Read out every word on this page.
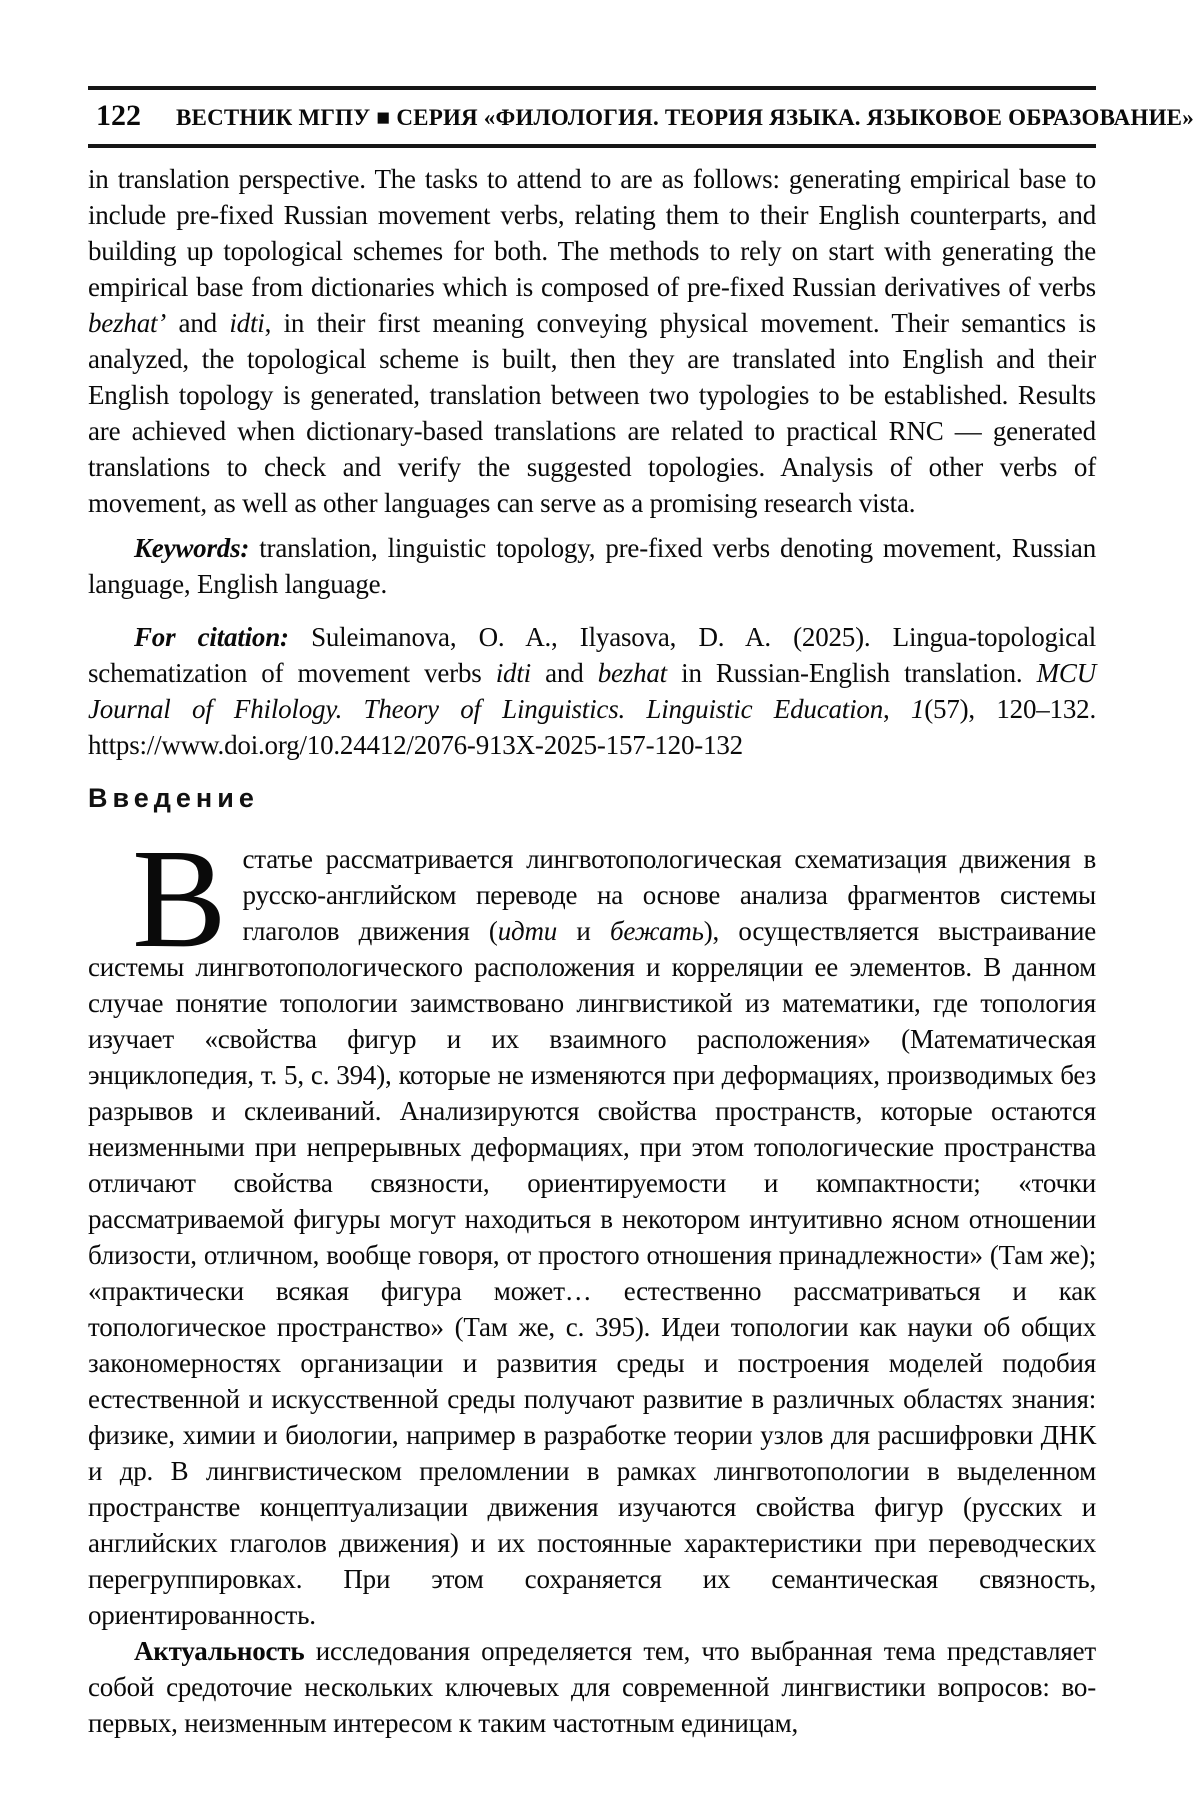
122	ВЕСТНИК МГПУ ■ СЕРИЯ «ФИЛОЛОГИЯ. ТЕОРИЯ ЯЗЫКА. ЯЗЫКОВОЕ ОБРАЗОВАНИЕ»

in translation perspective. The tasks to attend to are as follows: generating empirical base to include pre-fixed Russian movement verbs, relating them to their English counterparts, and building up topological schemes for both. The methods to rely on start with generating the empirical base from dictionaries which is composed of pre-fixed Russian derivatives of verbs bezhat’ and idti, in their first meaning conveying physical movement. Their semantics is analyzed, the topological scheme is built, then they are translated into English and their English topology is generated, translation between two typologies to be established. Results are achieved when dictionary-based translations are related to practical RNC — generated translations to check and verify the suggested topologies. Analysis of other verbs of movement, as well as other languages can serve as a promising research vista.

Keywords: translation, linguistic topology, pre-fixed verbs denoting movement, Russian language, English language.

For citation: Suleimanova, O. A., Ilyasova, D. A. (2025). Lingua-topological schematization of movement verbs idti and bezhat in Russian-English translation. MCU Journal of Fhilology. Theory of Linguistics. Linguistic Education, 1(57), 120–132. https://www.doi.org/10.24412/2076-913X-2025-157-120-132

Введение
Встатье рассматривается лингвотопологическая схематизация движения в русско-английском переводе на основе анализа фрагментов системы глаголов движения (идти и бежать), осуществляется выстраивание системы лингвотопологического расположения и корреляции ее элементов. В данном случае понятие топологии заимствовано лингвистикой из математики, где топология изучает «свойства фигур и их взаимного расположения» (Математическая энциклопедия, т. 5, с. 394), которые не изменяются при деформациях, производимых без разрывов и склеиваний. Анализируются свойства пространств, которые остаются неизменными при непрерывных деформациях, при этом топологические пространства отличают свойства связности, ориентируемости и компактности; «точки рассматриваемой фигуры могут находиться в некотором интуитивно ясном отношении близости, отличном, вообще говоря, от простого отношения принадлежности» (Там же); «практически всякая фигура может… естественно рассматриваться и как топологическое пространство» (Там же, с. 395). Идеи топологии как науки об общих закономерностях организации и развития среды и построения моделей подобия естественной и искусственной среды получают развитие в различных областях знания: физике, химии и биологии, например в разработке теории узлов для расшифровки ДНК и др. В лингвистическом преломлении в рамках лингвотопологии в выделенном пространстве концептуализации движения изучаются свойства фигур (русских и английских глаголов движения) и их постоянные характеристики при переводческих перегруппировках. При этом сохраняется их семантическая связность, ориентированность.

Актуальность исследования определяется тем, что выбранная тема представляет собой средоточие нескольких ключевых для современной лингвистики вопросов: во-первых, неизменным интересом к таким частотным единицам,
